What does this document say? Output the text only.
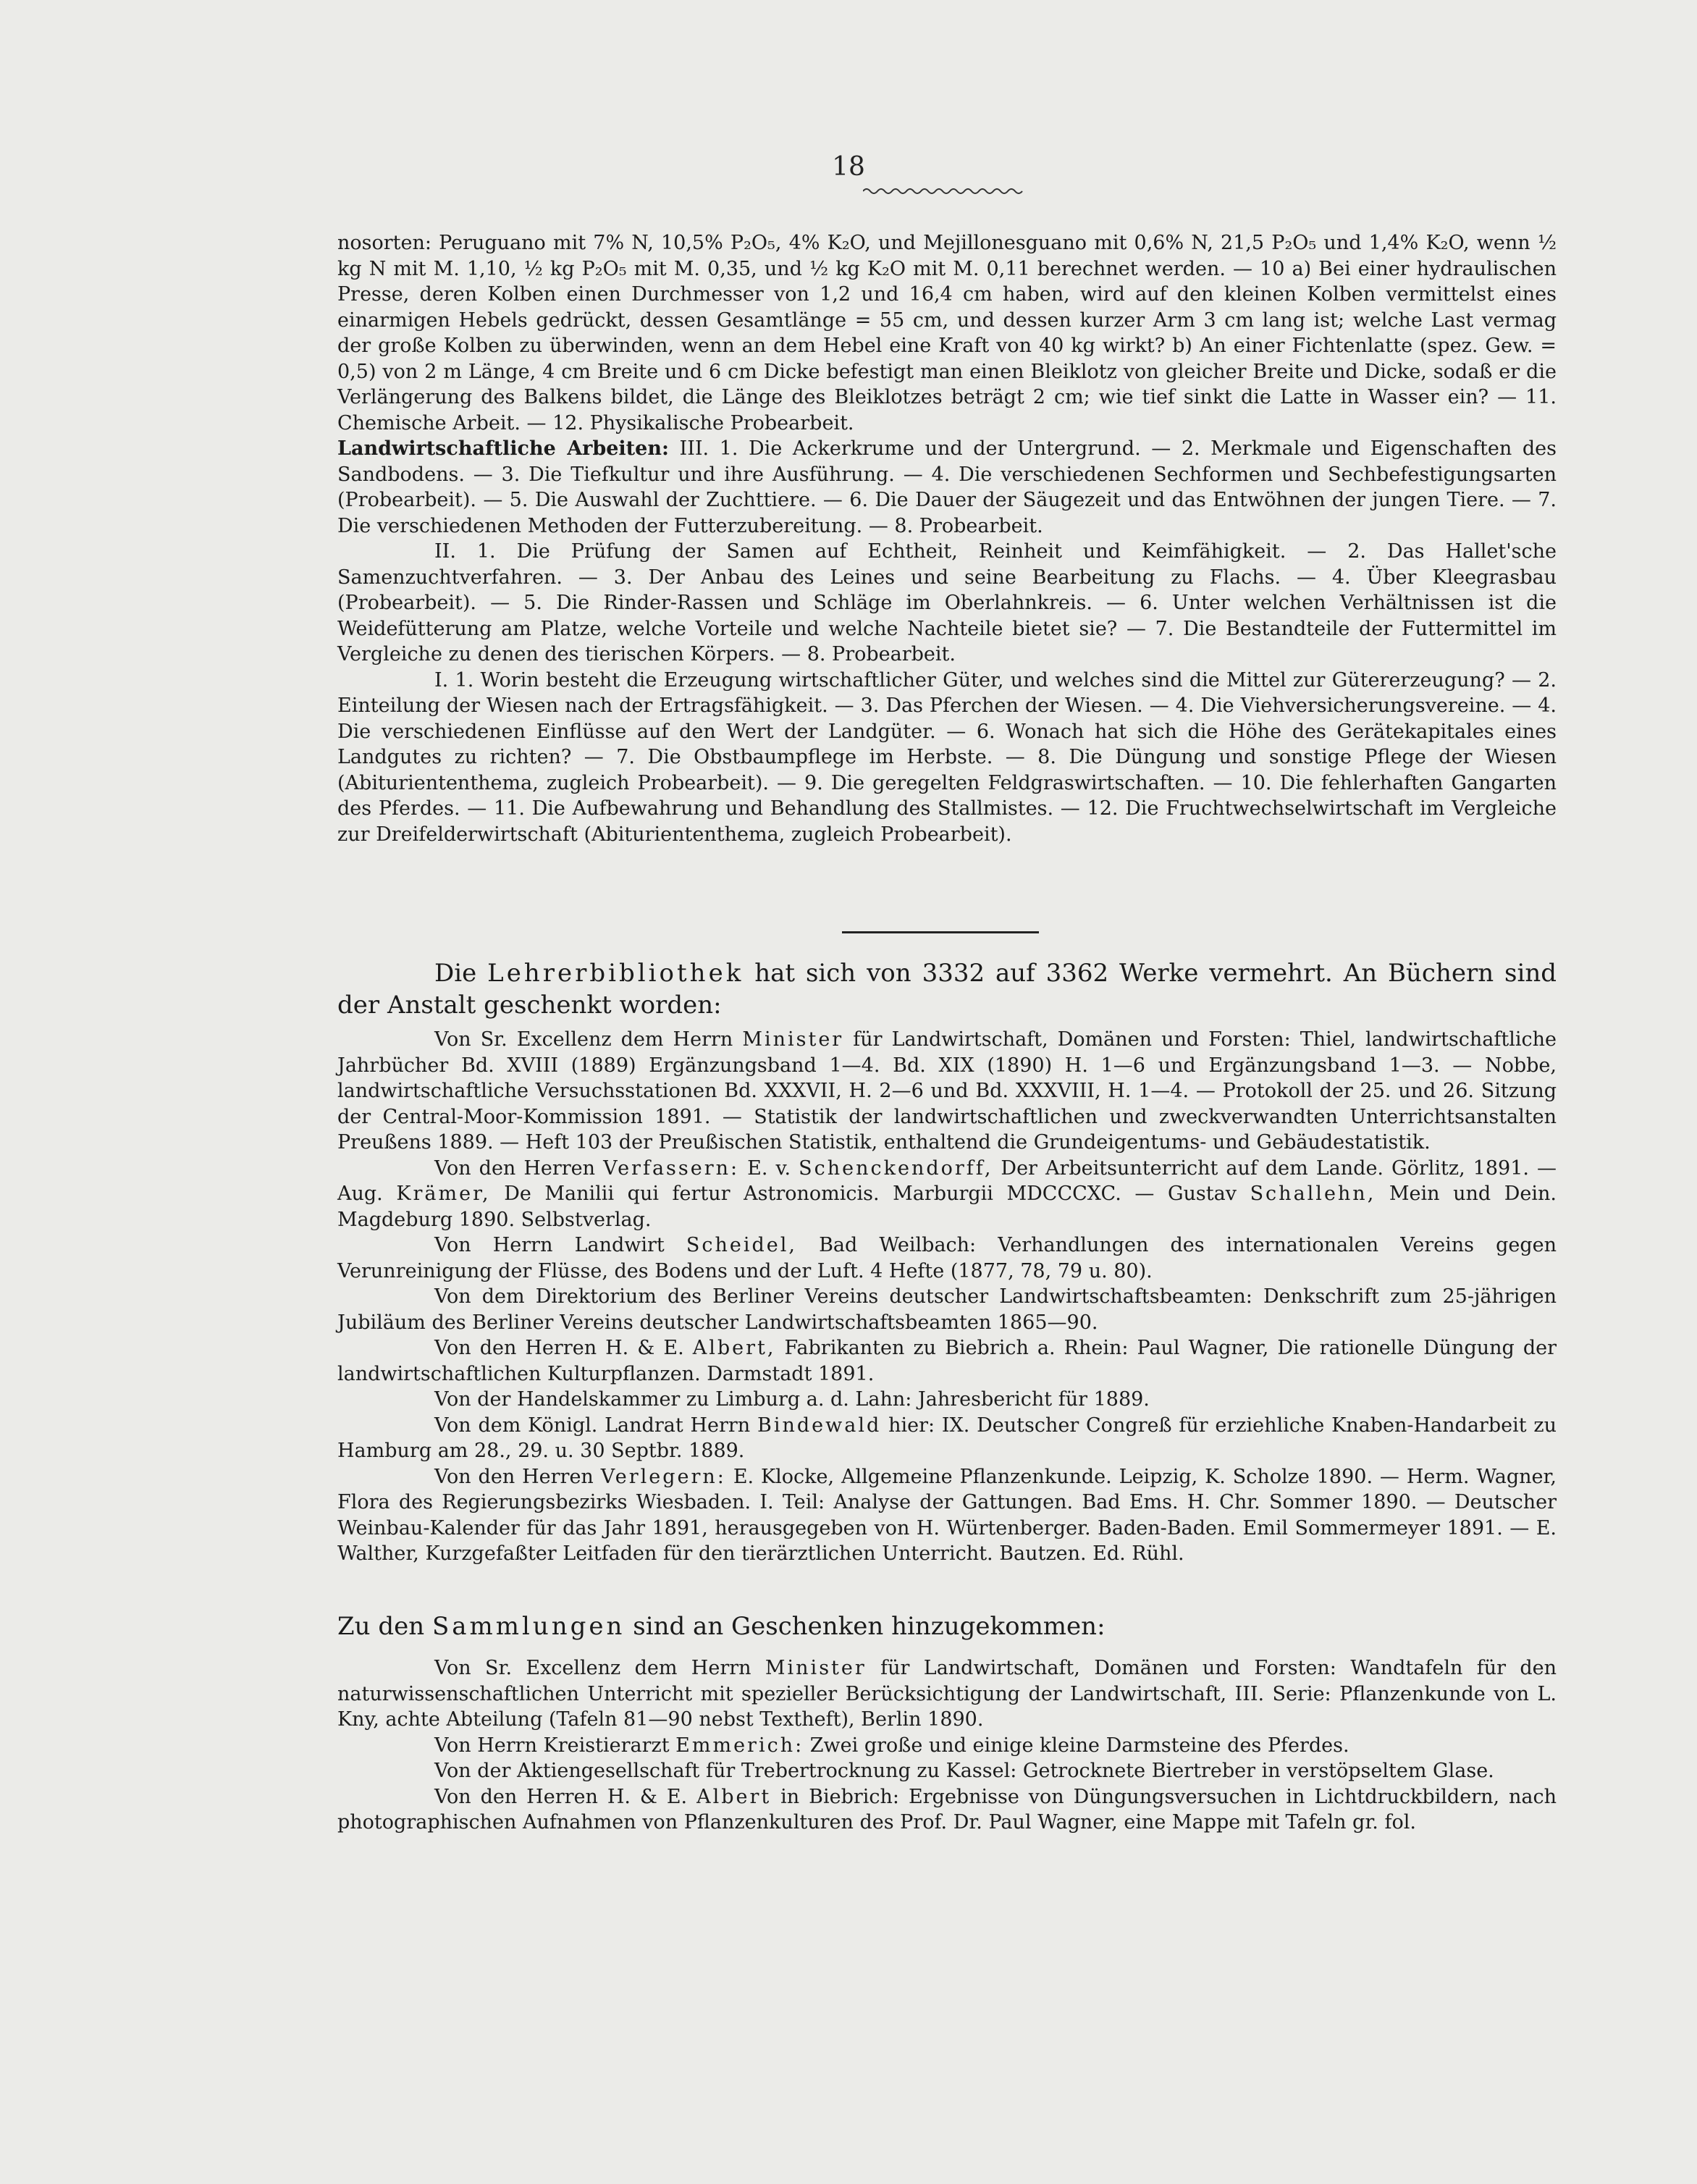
18

nosorten: Peruguano mit 7% N, 10,5% P₂O₅, 4% K₂O, und Mejillonesguano mit 0,6% N, 21,5 P₂O₅ und 1,4% K₂O, wenn ½ kg N mit M. 1,10, ½ kg P₂O₅ mit M. 0,35, und ½ kg K₂O mit M. 0,11 berechnet werden. — 10 a) Bei einer hydraulischen Presse, deren Kolben einen Durchmesser von 1,2 und 16,4 cm haben, wird auf den kleinen Kolben vermittelst eines einarmigen Hebels gedrückt, dessen Gesamtlänge = 55 cm, und dessen kurzer Arm 3 cm lang ist; welche Last vermag der große Kolben zu überwinden, wenn an dem Hebel eine Kraft von 40 kg wirkt? b) An einer Fichtenlatte (spez. Gew. = 0,5) von 2 m Länge, 4 cm Breite und 6 cm Dicke befestigt man einen Bleiklotz von gleicher Breite und Dicke, sodaß er die Verlängerung des Balkens bildet, die Länge des Bleiklotzes beträgt 2 cm; wie tief sinkt die Latte in Wasser ein? — 11. Chemische Arbeit. — 12. Physikalische Probearbeit.

Landwirtschaftliche Arbeiten: III. 1. Die Ackerkrume und der Untergrund. — 2. Merkmale und Eigenschaften des Sandbodens. — 3. Die Tiefkultur und ihre Ausführung. — 4. Die verschiedenen Sechformen und Sechbefestigungsarten (Probearbeit). — 5. Die Auswahl der Zuchttiere. — 6. Die Dauer der Säugezeit und das Entwöhnen der jungen Tiere. — 7. Die verschiedenen Methoden der Futterzubereitung. — 8. Probearbeit.

II. 1. Die Prüfung der Samen auf Echtheit, Reinheit und Keimfähigkeit. — 2. Das Hallet'sche Samenzuchtverfahren. — 3. Der Anbau des Leines und seine Bearbeitung zu Flachs. — 4. Über Kleegrasbau (Probearbeit). — 5. Die Rinder-Rassen und Schläge im Oberlahnkreis. — 6. Unter welchen Verhältnissen ist die Weidefütterung am Platze, welche Vorteile und welche Nachteile bietet sie? — 7. Die Bestandteile der Futtermittel im Vergleiche zu denen des tierischen Körpers. — 8. Probearbeit.

I. 1. Worin besteht die Erzeugung wirtschaftlicher Güter, und welches sind die Mittel zur Gütererzeugung? — 2. Einteilung der Wiesen nach der Ertragsfähigkeit. — 3. Das Pferchen der Wiesen. — 4. Die Viehversicherungsvereine. — 4. Die verschiedenen Einflüsse auf den Wert der Landgüter. — 6. Wonach hat sich die Höhe des Gerätekapitales eines Landgutes zu richten? — 7. Die Obstbaumpflege im Herbste. — 8. Die Düngung und sonstige Pflege der Wiesen (Abituriententhema, zugleich Probearbeit). — 9. Die geregelten Feldgraswirtschaften. — 10. Die fehlerhaften Gangarten des Pferdes. — 11. Die Aufbewahrung und Behandlung des Stallmistes. — 12. Die Fruchtwechselwirtschaft im Vergleiche zur Dreifelderwirtschaft (Abituriententhema, zugleich Probearbeit).

Die Lehrerbibliothek hat sich von 3332 auf 3362 Werke vermehrt. An Büchern sind der Anstalt geschenkt worden:

Von Sr. Excellenz dem Herrn Minister für Landwirtschaft, Domänen und Forsten: Thiel, landwirtschaftliche Jahrbücher Bd. XVIII (1889) Ergänzungsband 1—4. Bd. XIX (1890) H. 1—6 und Ergänzungsband 1—3. — Nobbe, landwirtschaftliche Versuchsstationen Bd. XXXVII, H. 2—6 und Bd. XXXVIII, H. 1—4. — Protokoll der 25. und 26. Sitzung der Central-Moor-Kommission 1891. — Statistik der landwirtschaftlichen und zweckverwandten Unterrichtsanstalten Preußens 1889. — Heft 103 der Preußischen Statistik, enthaltend die Grundeigentums- und Gebäudestatistik.

Von den Herren Verfassern: E. v. Schenckendorff, Der Arbeitsunterricht auf dem Lande. Görlitz, 1891. — Aug. Krämer, De Manilii qui fertur Astronomicis. Marburgii MDCCCXC. — Gustav Schallehn, Mein und Dein. Magdeburg 1890. Selbstverlag.

Von Herrn Landwirt Scheidel, Bad Weilbach: Verhandlungen des internationalen Vereins gegen Verunreinigung der Flüsse, des Bodens und der Luft. 4 Hefte (1877, 78, 79 u. 80).

Von dem Direktorium des Berliner Vereins deutscher Landwirtschaftsbeamten: Denkschrift zum 25-jährigen Jubiläum des Berliner Vereins deutscher Landwirtschaftsbeamten 1865—90.

Von den Herren H. & E. Albert, Fabrikanten zu Biebrich a. Rhein: Paul Wagner, Die rationelle Düngung der landwirtschaftlichen Kulturpflanzen. Darmstadt 1891.

Von der Handelskammer zu Limburg a. d. Lahn: Jahresbericht für 1889.

Von dem Königl. Landrat Herrn Bindewald hier: IX. Deutscher Congreß für erziehliche Knaben-Handarbeit zu Hamburg am 28., 29. u. 30 Septbr. 1889.

Von den Herren Verlegern: E. Klocke, Allgemeine Pflanzenkunde. Leipzig, K. Scholze 1890. — Herm. Wagner, Flora des Regierungsbezirks Wiesbaden. I. Teil: Analyse der Gattungen. Bad Ems. H. Chr. Sommer 1890. — Deutscher Weinbau-Kalender für das Jahr 1891, herausgegeben von H. Würtenberger. Baden-Baden. Emil Sommermeyer 1891. — E. Walther, Kurzgefaßter Leitfaden für den tierärztlichen Unterricht. Bautzen. Ed. Rühl.

Zu den Sammlungen sind an Geschenken hinzugekommen:

Von Sr. Excellenz dem Herrn Minister für Landwirtschaft, Domänen und Forsten: Wandtafeln für den naturwissenschaftlichen Unterricht mit spezieller Berücksichtigung der Landwirtschaft, III. Serie: Pflanzenkunde von L. Kny, achte Abteilung (Tafeln 81—90 nebst Textheft), Berlin 1890.

Von Herrn Kreistierarzt Emmerich: Zwei große und einige kleine Darmsteine des Pferdes.

Von der Aktiengesellschaft für Trebertrocknung zu Kassel: Getrocknete Biertreber in verstöpseltem Glase.

Von den Herren H. & E. Albert in Biebrich: Ergebnisse von Düngungsversuchen in Lichtdruckbildern, nach photographischen Aufnahmen von Pflanzenkulturen des Prof. Dr. Paul Wagner, eine Mappe mit Tafeln gr. fol.
